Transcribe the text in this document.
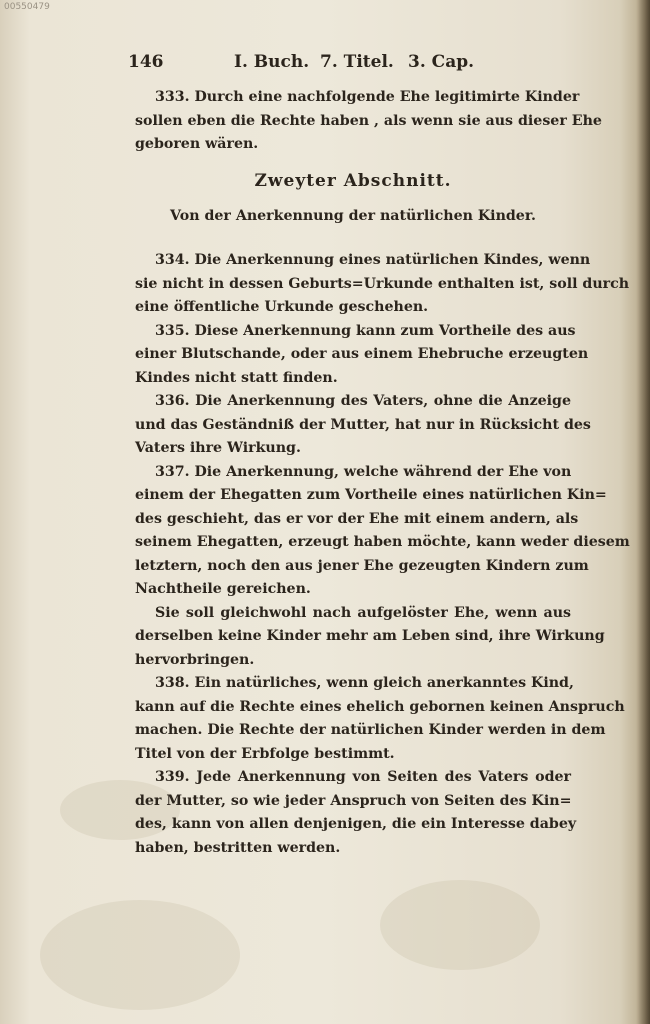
00550479
146	I. Buch. 7. Titel. 3. Cap.
333. Durch eine nachfolgende Ehe legitimirte Kinder
sollen eben die Rechte haben , als wenn sie aus dieser Ehe
geboren wären.
Zweyter Abschnitt.
Von der Anerkennung der natürlichen Kinder.
334. Die Anerkennung eines natürlichen Kindes, wenn
sie nicht in dessen Geburts=Urkunde enthalten ist, soll durch
eine öffentliche Urkunde geschehen.
335. Diese Anerkennung kann zum Vortheile des aus
einer Blutschande, oder aus einem Ehebruche erzeugten
Kindes nicht statt finden.
336. Die Anerkennung des Vaters, ohne die Anzeige
und das Geständniß der Mutter, hat nur in Rücksicht des
Vaters ihre Wirkung.
337. Die Anerkennung, welche während der Ehe von
einem der Ehegatten zum Vortheile eines natürlichen Kin=
des geschieht, das er vor der Ehe mit einem andern, als
seinem Ehegatten, erzeugt haben möchte, kann weder diesem
letztern, noch den aus jener Ehe gezeugten Kindern zum
Nachtheile gereichen.
Sie soll gleichwohl nach aufgelöster Ehe, wenn aus
derselben keine Kinder mehr am Leben sind, ihre Wirkung
hervorbringen.
338. Ein natürliches, wenn gleich anerkanntes Kind,
kann auf die Rechte eines ehelich gebornen keinen Anspruch
machen. Die Rechte der natürlichen Kinder werden in dem
Titel von der Erbfolge bestimmt.
339. Jede Anerkennung von Seiten des Vaters oder
der Mutter, so wie jeder Anspruch von Seiten des Kin=
des, kann von allen denjenigen, die ein Interesse dabey
haben, bestritten werden.
